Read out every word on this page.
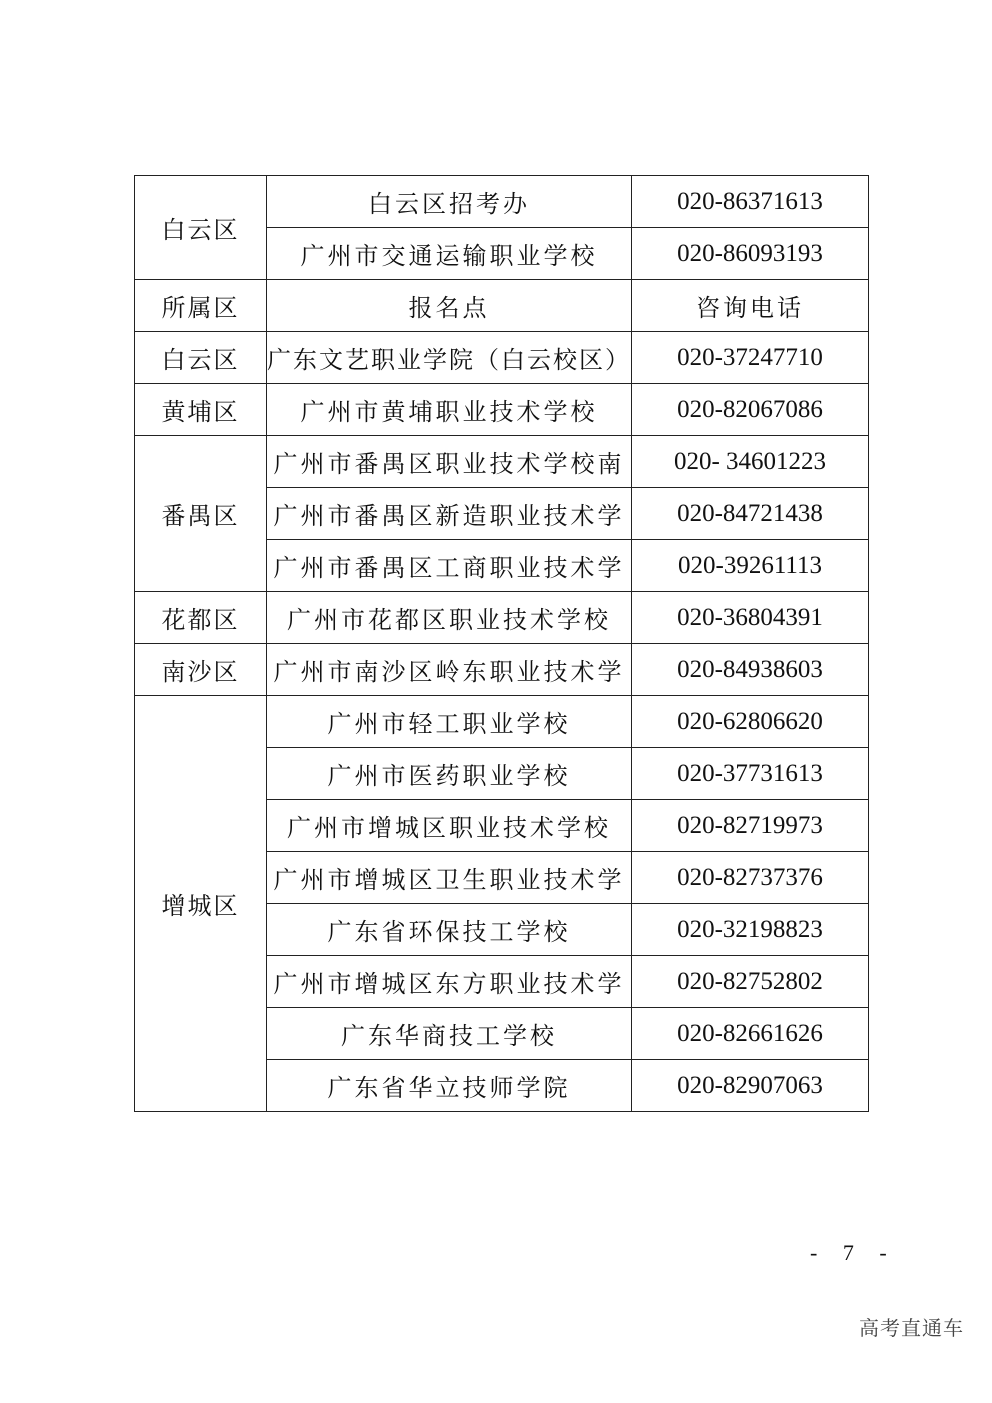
白云区	白云区招考办	020-86371613
	广州市交通运输职业学校	020-86093193
所属区	报名点	咨询电话
白云区	广东文艺职业学院（白云校区）	020-37247710
黄埔区	广州市黄埔职业技术学校	020-82067086
番禺区	广州市番禺区职业技术学校南	020- 34601223
	广州市番禺区新造职业技术学	020-84721438
	广州市番禺区工商职业技术学	020-39261113
花都区	广州市花都区职业技术学校	020-36804391
南沙区	广州市南沙区岭东职业技术学	020-84938603
增城区	广州市轻工职业学校	020-62806620
	广州市医药职业学校	020-37731613
	广州市增城区职业技术学校	020-82719973
	广州市增城区卫生职业技术学	020-82737376
	广东省环保技工学校	020-32198823
	广州市增城区东方职业技术学	020-82752802
	广东华商技工学校	020-82661626
	广东省华立技师学院	020-82907063
- 7 -
高考直通车
